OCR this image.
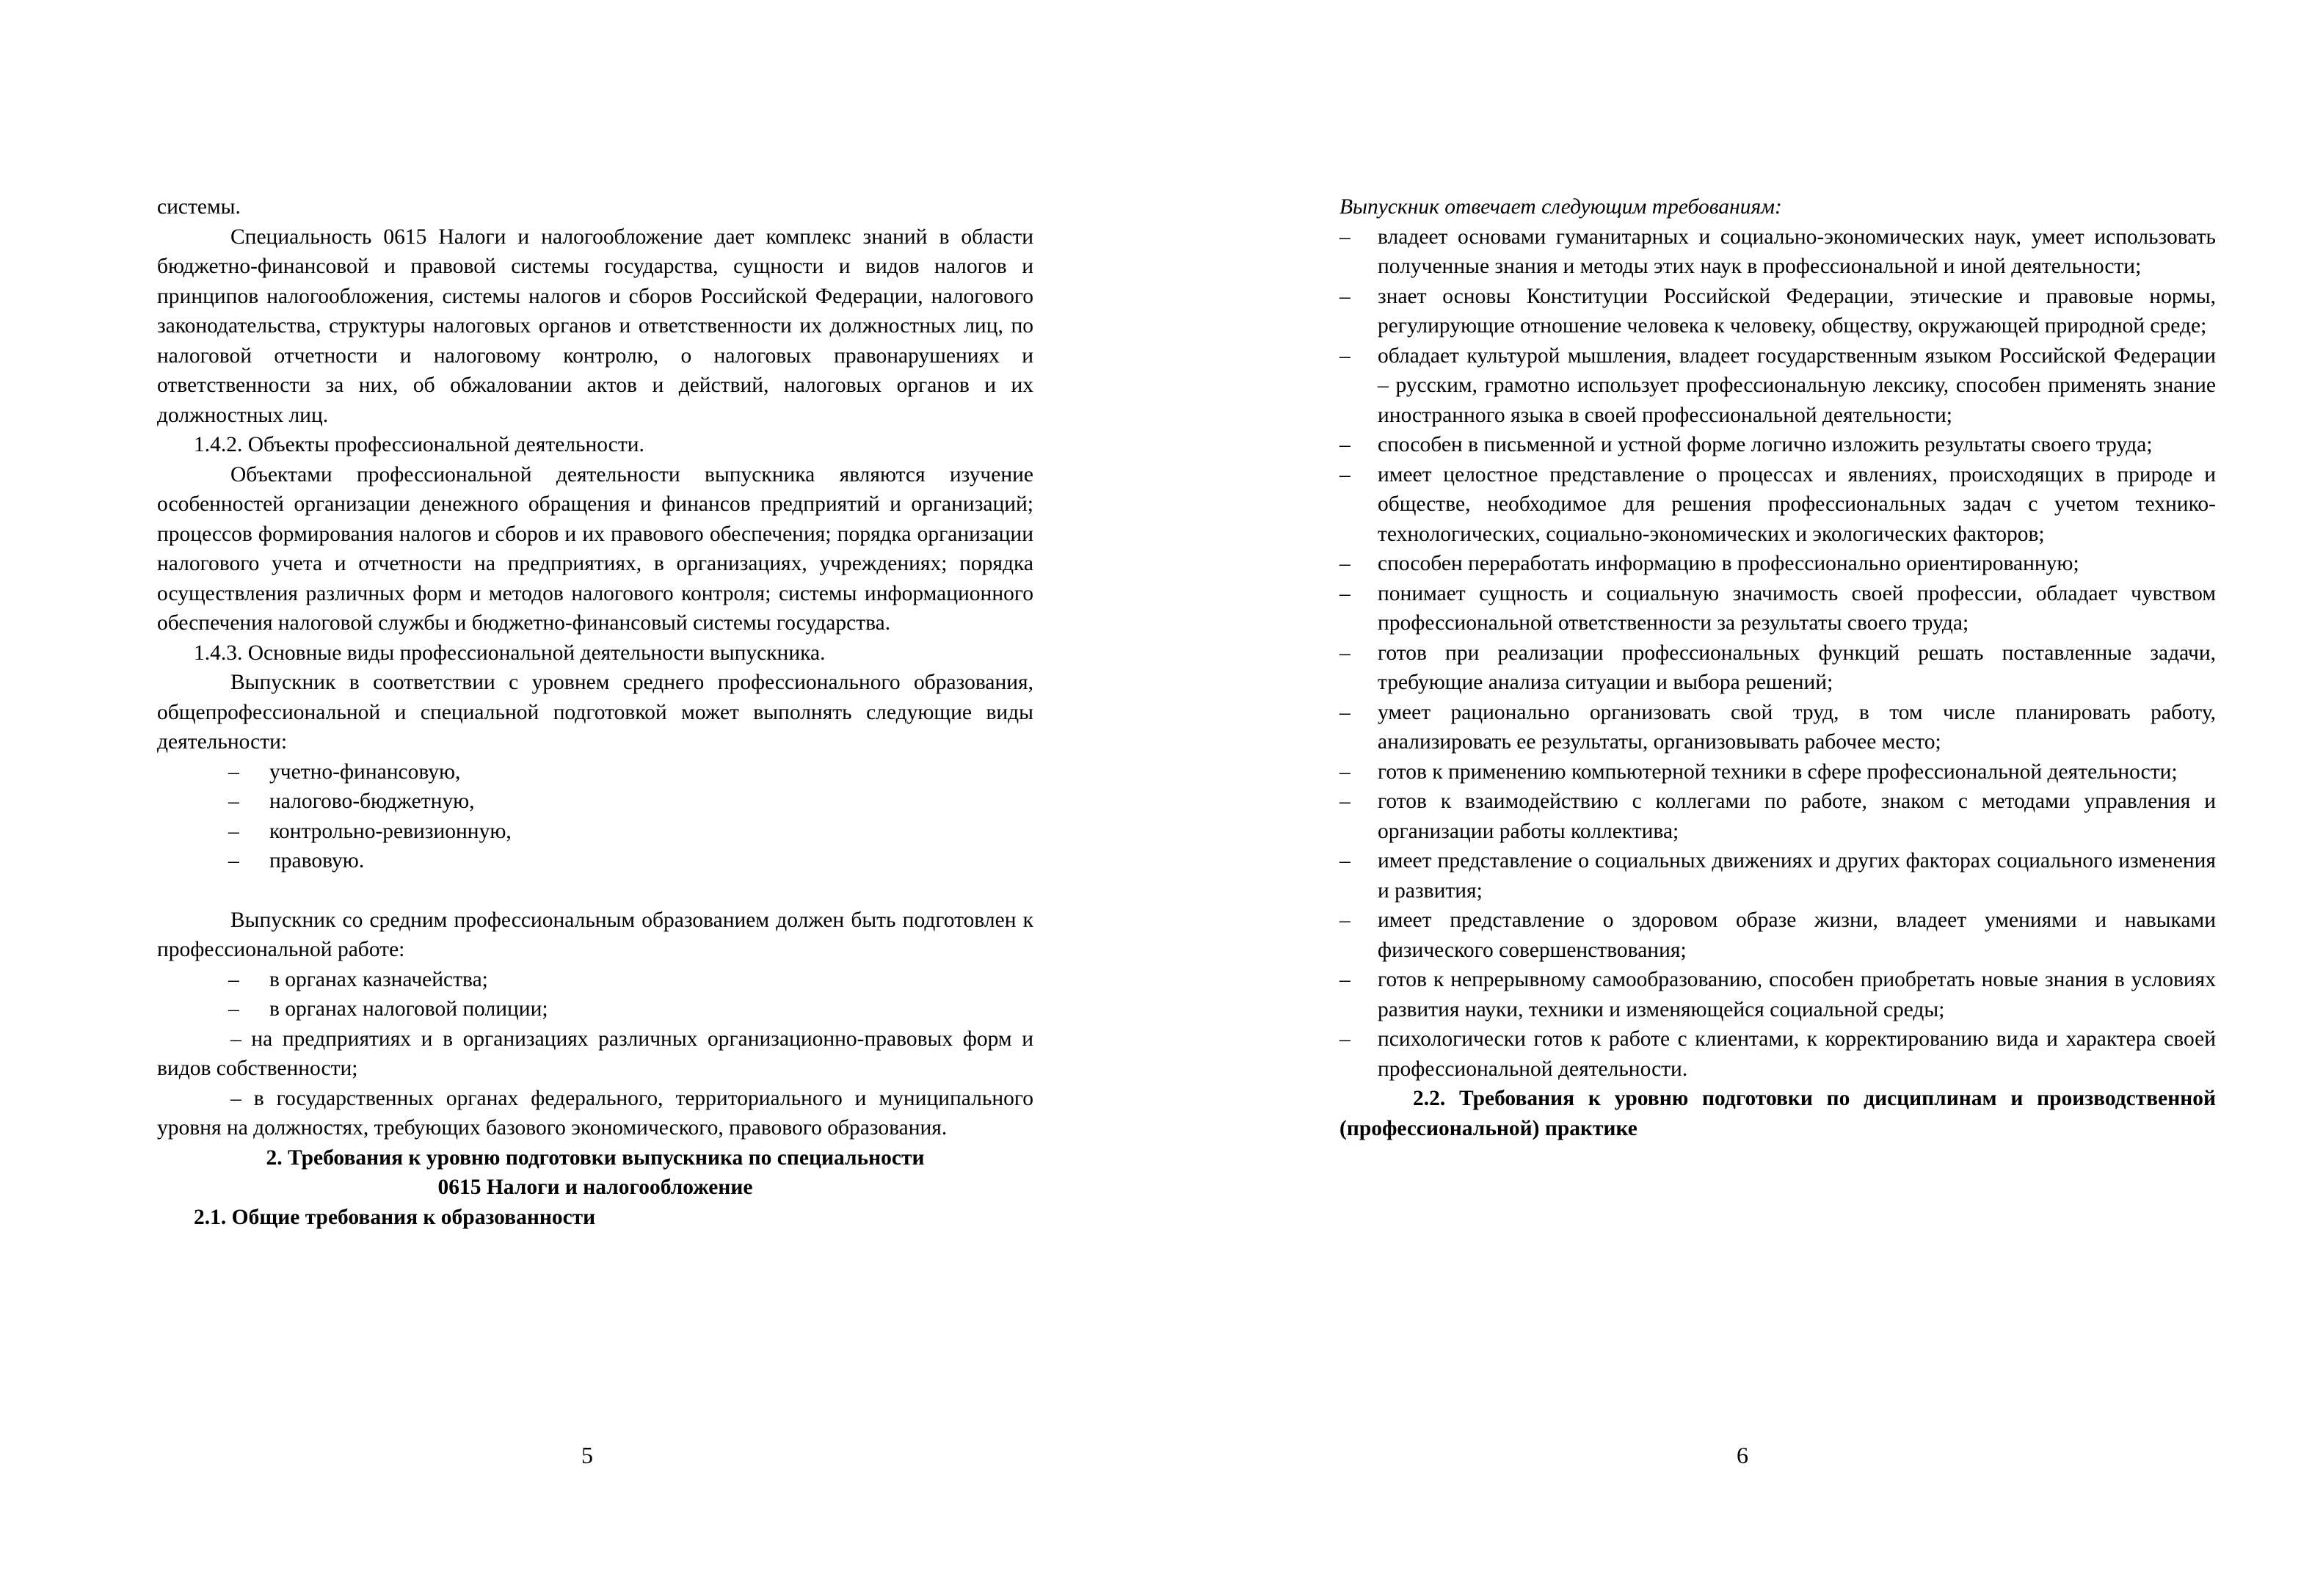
системы.

Специальность 0615 Налоги и налогообложение дает комплекс знаний в области бюджетно-финансовой и правовой системы государства, сущности и видов налогов и принципов налогообложения, системы налогов и сборов Российской Федерации, налогового законодательства, структуры налоговых органов и ответственности их должностных лиц, по налоговой отчетности и налоговому контролю, о налоговых правонарушениях и ответственности за них, об обжаловании актов и действий, налоговых органов и их должностных лиц.

1.4.2. Объекты профессиональной деятельности.

Объектами профессиональной деятельности выпускника являются изучение особенностей организации денежного обращения и финансов предприятий и организаций; процессов формирования налогов и сборов и их правового обеспечения; порядка организации налогового учета и отчетности на предприятиях, в организациях, учреждениях; порядка осуществления различных форм и методов налогового контроля; системы информационного обеспечения налоговой службы и бюджетно-финансовый системы государства.

1.4.3. Основные виды профессиональной деятельности выпускника.

Выпускник в соответствии с уровнем среднего профессионального образования, общепрофессиональной и специальной подготовкой может выполнять следующие виды деятельности:

– учетно-финансовую,
– налогово-бюджетную,
– контрольно-ревизионную,
– правовую.

Выпускник со средним профессиональным образованием должен быть подготовлен к профессиональной работе:

– в органах казначейства;
– в органах налоговой полиции;

– на предприятиях и в организациях различных организационно-правовых форм и видов собственности;

– в государственных органах федерального, территориального и муниципального уровня на должностях, требующих базового экономического, правового образования.

2. Требования к уровню подготовки выпускника по специальности

0615 Налоги и налогообложение

2.1. Общие требования к образованности

5

Выпускник отвечает следующим требованиям:

– владеет основами гуманитарных и социально-экономических наук, умеет использовать полученные знания и методы этих наук в профессиональной и иной деятельности;
– знает основы Конституции Российской Федерации, этические и правовые нормы, регулирующие отношение человека к человеку, обществу, окружающей природной среде;
– обладает культурой мышления, владеет государственным языком Российской Федерации – русским, грамотно использует профессиональную лексику, способен применять знание иностранного языка в своей профессиональной деятельности;
– способен в письменной и устной форме логично изложить результаты своего труда;
– имеет целостное представление о процессах и явлениях, происходящих в природе и обществе, необходимое для решения профессиональных задач с учетом технико-технологических, социально-экономических и экологических факторов;
– способен переработать информацию в профессионально ориентированную;
– понимает сущность и социальную значимость своей профессии, обладает чувством профессиональной ответственности за результаты своего труда;
– готов при реализации профессиональных функций решать поставленные задачи, требующие анализа ситуации и выбора решений;
– умеет рационально организовать свой труд, в том числе планировать работу, анализировать ее результаты, организовывать рабочее место;
– готов к применению компьютерной техники в сфере профессиональной деятельности;
– готов к взаимодействию с коллегами по работе, знаком с методами управления и организации работы коллектива;
– имеет представление о социальных движениях и других факторах социального изменения и развития;
– имеет представление о здоровом образе жизни, владеет умениями и навыками физического совершенствования;
– готов к непрерывному самообразованию, способен приобретать новые знания в условиях развития науки, техники и изменяющейся социальной среды;
– психологически готов к работе с клиентами, к корректированию вида и характера своей профессиональной деятельности.

2.2. Требования к уровню подготовки по дисциплинам и производственной (профессиональной) практике

6
